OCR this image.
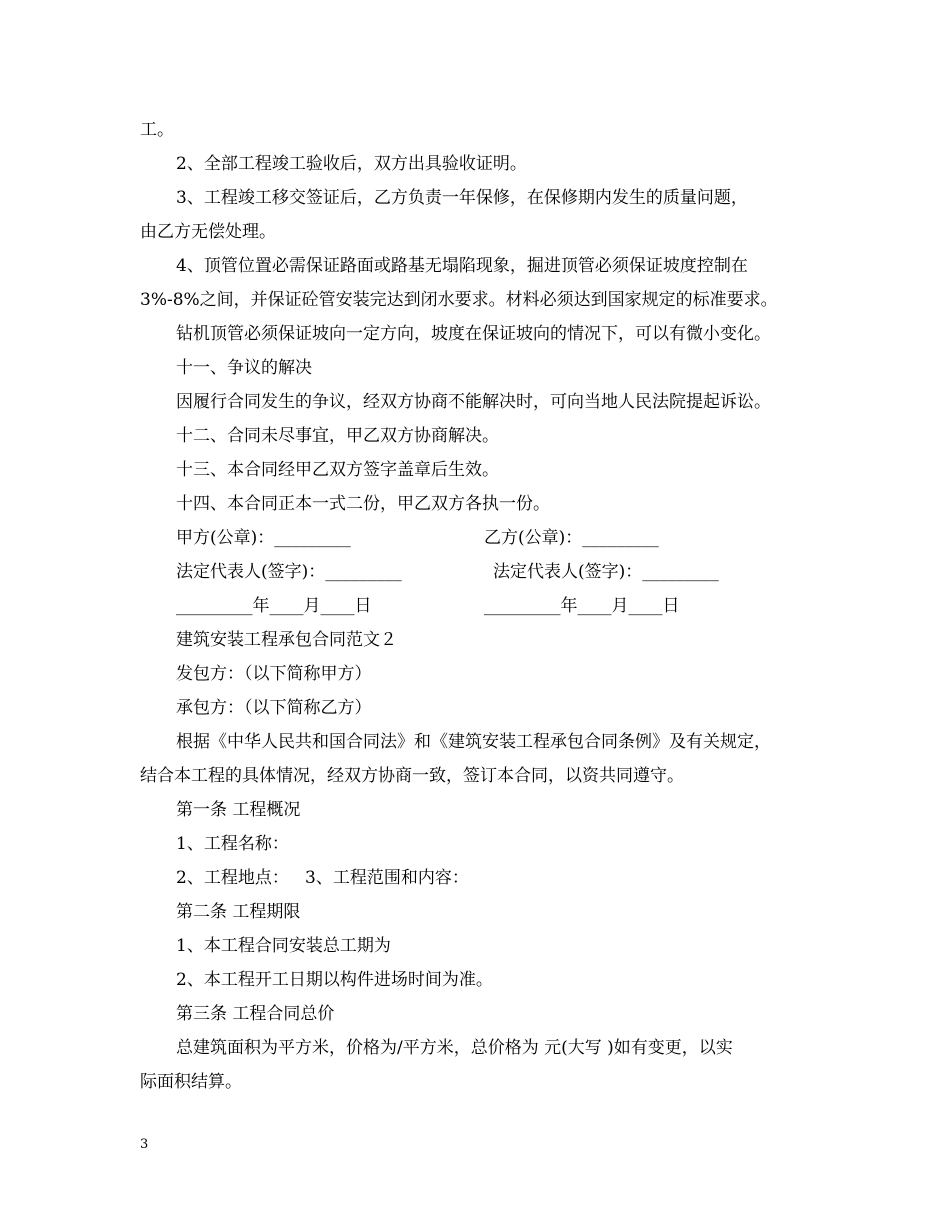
工。
2、全部工程竣工验收后，双方出具验收证明。
3、工程竣工移交签证后，乙方负责一年保修，在保修期内发生的质量问题，
由乙方无偿处理。
4、顶管位置必需保证路面或路基无塌陷现象，掘进顶管必须保证坡度控制在
3%-8%之间，并保证砼管安装完达到闭水要求。材料必须达到国家规定的标准要求。
钻机顶管必须保证坡向一定方向，坡度在保证坡向的情况下，可以有微小变化。
十一、争议的解决
因履行合同发生的争议，经双方协商不能解决时，可向当地人民法院提起诉讼。
十二、合同未尽事宜，甲乙双方协商解决。
十三、本合同经甲乙双方签字盖章后生效。
十四、本合同正本一式二份，甲乙双方各执一份。
甲方(公章)：_________	乙方(公章)：_________
法定代表人(签字)：_________	法定代表人(签字)：_________
_________年____月____日	_________年____月____日
建筑安装工程承包合同范文２
发包方：（以下简称甲方）
承包方：（以下简称乙方）
根据《中华人民共和国合同法》和《建筑安装工程承包合同条例》及有关规定，
结合本工程的具体情况，经双方协商一致，签订本合同，以资共同遵守。
第一条 工程概况
1、工程名称：
2、工程地点：   3、工程范围和内容：
第二条 工程期限
1、本工程合同安装总工期为
2、本工程开工日期以构件进场时间为准。
第三条 工程合同总价
总建筑面积为平方米，价格为/平方米，总价格为 元(大写 )如有变更，以实
际面积结算。
3
